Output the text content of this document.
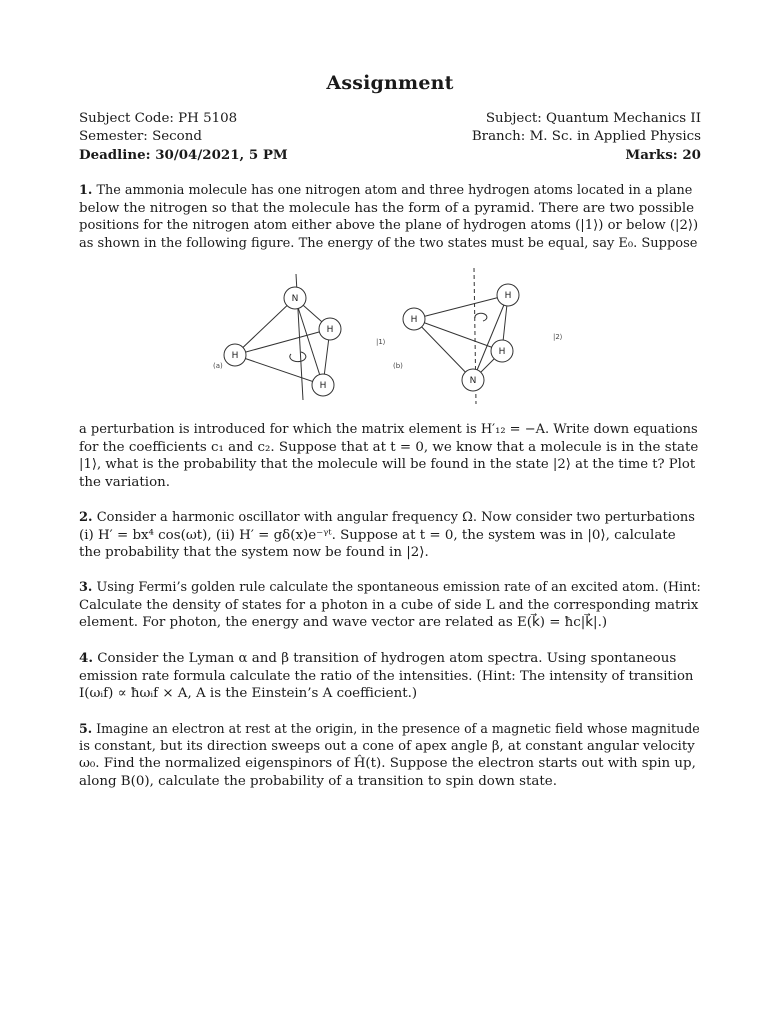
Assignment
Subject Code: PH 5108	Subject: Quantum Mechanics II
Semester: Second	Branch: M. Sc. in Applied Physics
Deadline: 30/04/2021, 5 PM	Marks: 20
1. The ammonia molecule has one nitrogen atom and three hydrogen atoms located in a plane
below the nitrogen so that the molecule has the form of a pyramid. There are two possible
positions for the nitrogen atom either above the plane of hydrogen atoms (|1⟩) or below (|2⟩)
as shown in the following figure. The energy of the two states must be equal, say E₀. Suppose
N
H
H
H	N
H
H
H
(a)	(b)
|1⟩
|2⟩
a perturbation is introduced for which the matrix element is H′₁₂ = −A. Write down equations
for the coefficients c₁ and c₂. Suppose that at t = 0, we know that a molecule is in the state
|1⟩, what is the probability that the molecule will be found in the state |2⟩ at the time t? Plot
the variation.
2. Consider a harmonic oscillator with angular frequency Ω. Now consider two perturbations
(i) H′ = bx⁴ cos(ωt), (ii) H′ = gδ(x)e⁻ᵞᵗ. Suppose at t = 0, the system was in |0⟩, calculate
the probability that the system now be found in |2⟩.
3. Using Fermi’s golden rule calculate the spontaneous emission rate of an excited atom. (Hint:
Calculate the density of states for a photon in a cube of side L and the corresponding matrix
element. For photon, the energy and wave vector are related as E(k⃗) = ħc|k⃗|.)
4. Consider the Lyman α and β transition of hydrogen atom spectra. Using spontaneous
emission rate formula calculate the ratio of the intensities. (Hint: The intensity of transition
I(ωᵢf) ∝ ħωᵢf × A, A is the Einstein’s A coefficient.)
5. Imagine an electron at rest at the origin, in the presence of a magnetic field whose magnitude
is constant, but its direction sweeps out a cone of apex angle β, at constant angular velocity
ω₀. Find the normalized eigenspinors of Ĥ(t). Suppose the electron starts out with spin up,
along B(0), calculate the probability of a transition to spin down state.
